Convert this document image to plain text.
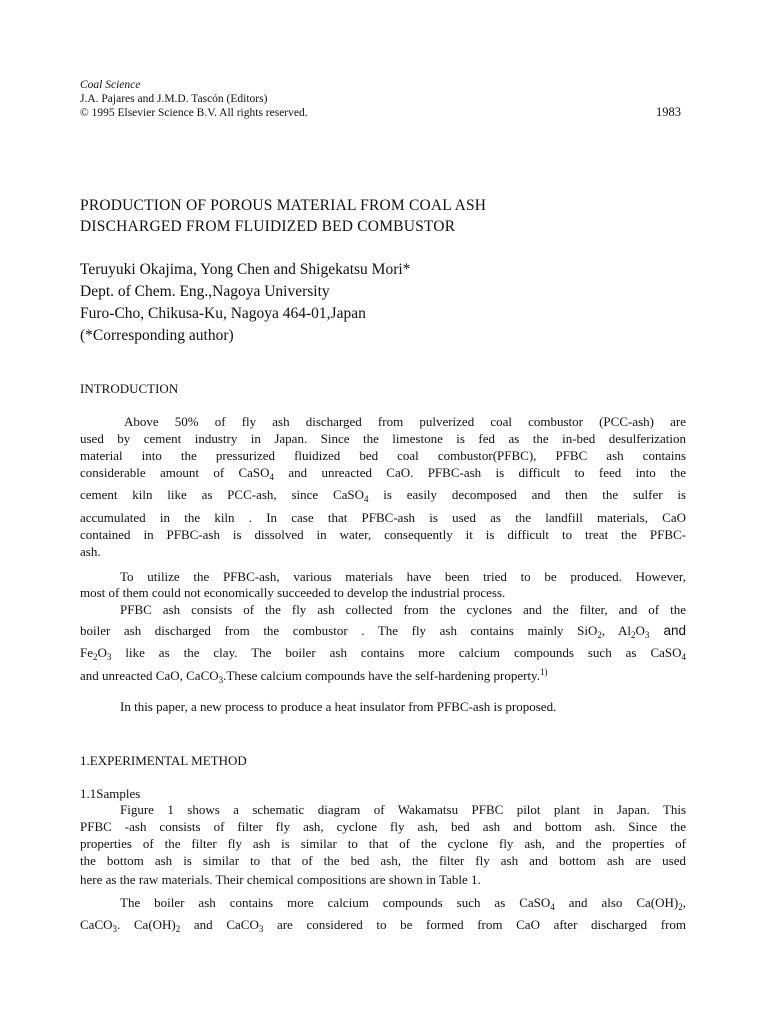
Coal Science
J.A. Pajares and J.M.D. Tascón (Editors)
© 1995 Elsevier Science B.V. All rights reserved.	1983
PRODUCTION OF POROUS MATERIAL FROM COAL ASH
DISCHARGED FROM FLUIDIZED BED COMBUSTOR
Teruyuki Okajima, Yong Chen and Shigekatsu Mori*
Dept. of Chem. Eng.,Nagoya University
Furo-Cho, Chikusa-Ku, Nagoya 464-01,Japan
(*Corresponding author)
INTRODUCTION
Above 50% of fly ash discharged from pulverized coal combustor (PCC-ash) are
used by cement industry in Japan. Since the limestone is fed as the in-bed desulferization
material into the pressurized fluidized bed coal combustor(PFBC), PFBC ash contains
considerable amount of CaSO$_4$ and unreacted CaO. PFBC-ash is difficult to feed into the
cement kiln like as PCC-ash, since CaSO$_4$ is easily decomposed and then the sulfer is
accumulated in the kiln . In case that PFBC-ash is used as the landfill materials, CaO
contained in PFBC-ash is dissolved in water, consequently it is difficult to treat the PFBC-
ash.
To utilize the PFBC-ash, various materials have been tried to be produced. However,
most of them could not economically succeeded to develop the industrial process.
PFBC ash consists of the fly ash collected from the cyclones and the filter, and of the
boiler ash discharged from the combustor . The fly ash contains mainly SiO$_2$, $Al_2O_3$ and
$Fe_2O_3$ like as the clay. The boiler ash contains more calcium compounds such as CaSO$_4$
and unreacted CaO, CaCO$_3$.These calcium compounds have the self-hardening property.$^{1)}$
In this paper, a new process to produce a heat insulator from PFBC-ash is proposed.
1.EXPERIMENTAL METHOD
1.1Samples
Figure 1 shows a schematic diagram of Wakamatsu PFBC pilot plant in Japan. This
PFBC -ash consists of filter fly ash, cyclone fly ash, bed ash and bottom ash. Since the
properties of the filter fly ash is similar to that of the cyclone fly ash, and the properties of
the bottom ash is similar to that of the bed ash, the filter fly ash and bottom ash are used
here as the raw materials. Their chemical compositions are shown in Table 1.
The boiler ash contains more calcium compounds such as CaSO$_4$ and also $Ca(OH)_2$,
CaCO$_3$. $Ca(OH)_2$ and CaCO$_3$ are considered to be formed from CaO after discharged from
